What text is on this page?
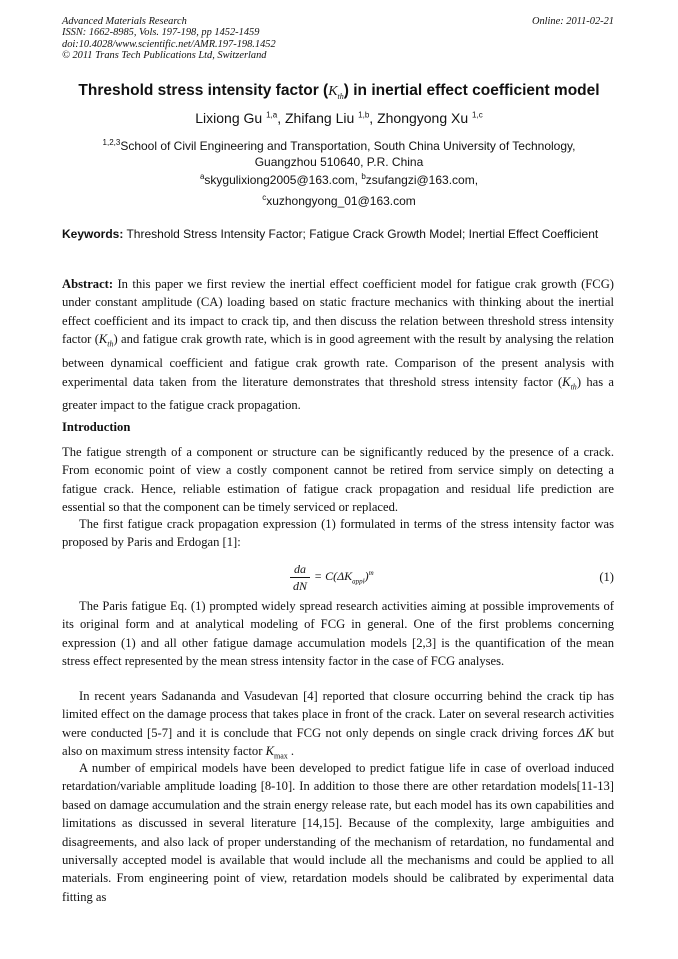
Advanced Materials Research
ISSN: 1662-8985, Vols. 197-198, pp 1452-1459
doi:10.4028/www.scientific.net/AMR.197-198.1452
© 2011 Trans Tech Publications Ltd, Switzerland
Online: 2011-02-21
Threshold stress intensity factor $(K_{th})$ in inertial effect coefficient model
Lixiong Gu $^{1,a}$, Zhifang Liu $^{1,b}$, Zhongyong Xu $^{1,c}$
$^{1,2,3}$School of Civil Engineering and Transportation, South China University of Technology,
Guangzhou 510640, P.R. China
$^a$skygulixiong2005@163.com, $^b$zsufangzi@163.com,
$^c$xuzhongyong_01@163.com
Keywords: Threshold Stress Intensity Factor; Fatigue Crack Growth Model; Inertial Effect Coefficient
Abstract: In this paper we first review the inertial effect coefficient model for fatigue crak growth (FCG) under constant amplitude (CA) loading based on static fracture mechanics with thinking about the inertial effect coefficient and its impact to crack tip, and then discuss the relation between threshold stress intensity factor $(K_{th})$ and fatigue crak growth rate, which is in good agreement with the result by analysing the relation between dynamical coefficient and fatigue crak growth rate. Comparison of the present analysis with experimental data taken from the literature demonstrates that threshold stress intensity factor $(K_{th})$ has a greater impact to the fatigue crack propagation.
Introduction
The fatigue strength of a component or structure can be significantly reduced by the presence of a crack. From economic point of view a costly component cannot be retired from service simply on detecting a fatigue crack. Hence, reliable estimation of fatigue crack propagation and residual life prediction are essential so that the component can be timely serviced or replaced.
The first fatigue crack propagation expression (1) formulated in terms of the stress intensity factor was proposed by Paris and Erdogan [1]:
da
dN
= $C(\Delta K_{appl})^m$	(1)
The Paris fatigue Eq. (1) prompted widely spread research activities aiming at possible improvements of its original form and at analytical modeling of FCG in general. One of the first problems concerning expression (1) and all other fatigue damage accumulation models [2,3] is the quantification of the mean stress effect represented by the mean stress intensity factor in the case of FCG analyses.
In recent years Sadananda and Vasudevan [4] reported that closure occurring behind the crack tip has limited effect on the damage process that takes place in front of the crack. Later on several research activities were conducted [5-7] and it is conclude that FCG not only depends on single crack driving forces ΔK but also on maximum stress intensity factor $K_{max}$ .
A number of empirical models have been developed to predict fatigue life in case of overload induced retardation/variable amplitude loading [8-10]. In addition to those there are other retardation models[11-13] based on damage accumulation and the strain energy release rate, but each model has its own capabilities and limitations as discussed in several literature [14,15]. Because of the complexity, large ambiguities and disagreements, and also lack of proper understanding of the mechanism of retardation, no fundamental and universally accepted model is available that would include all the mechanisms and could be applied to all materials. From engineering point of view, retardation models should be calibrated by experimental data fitting as
